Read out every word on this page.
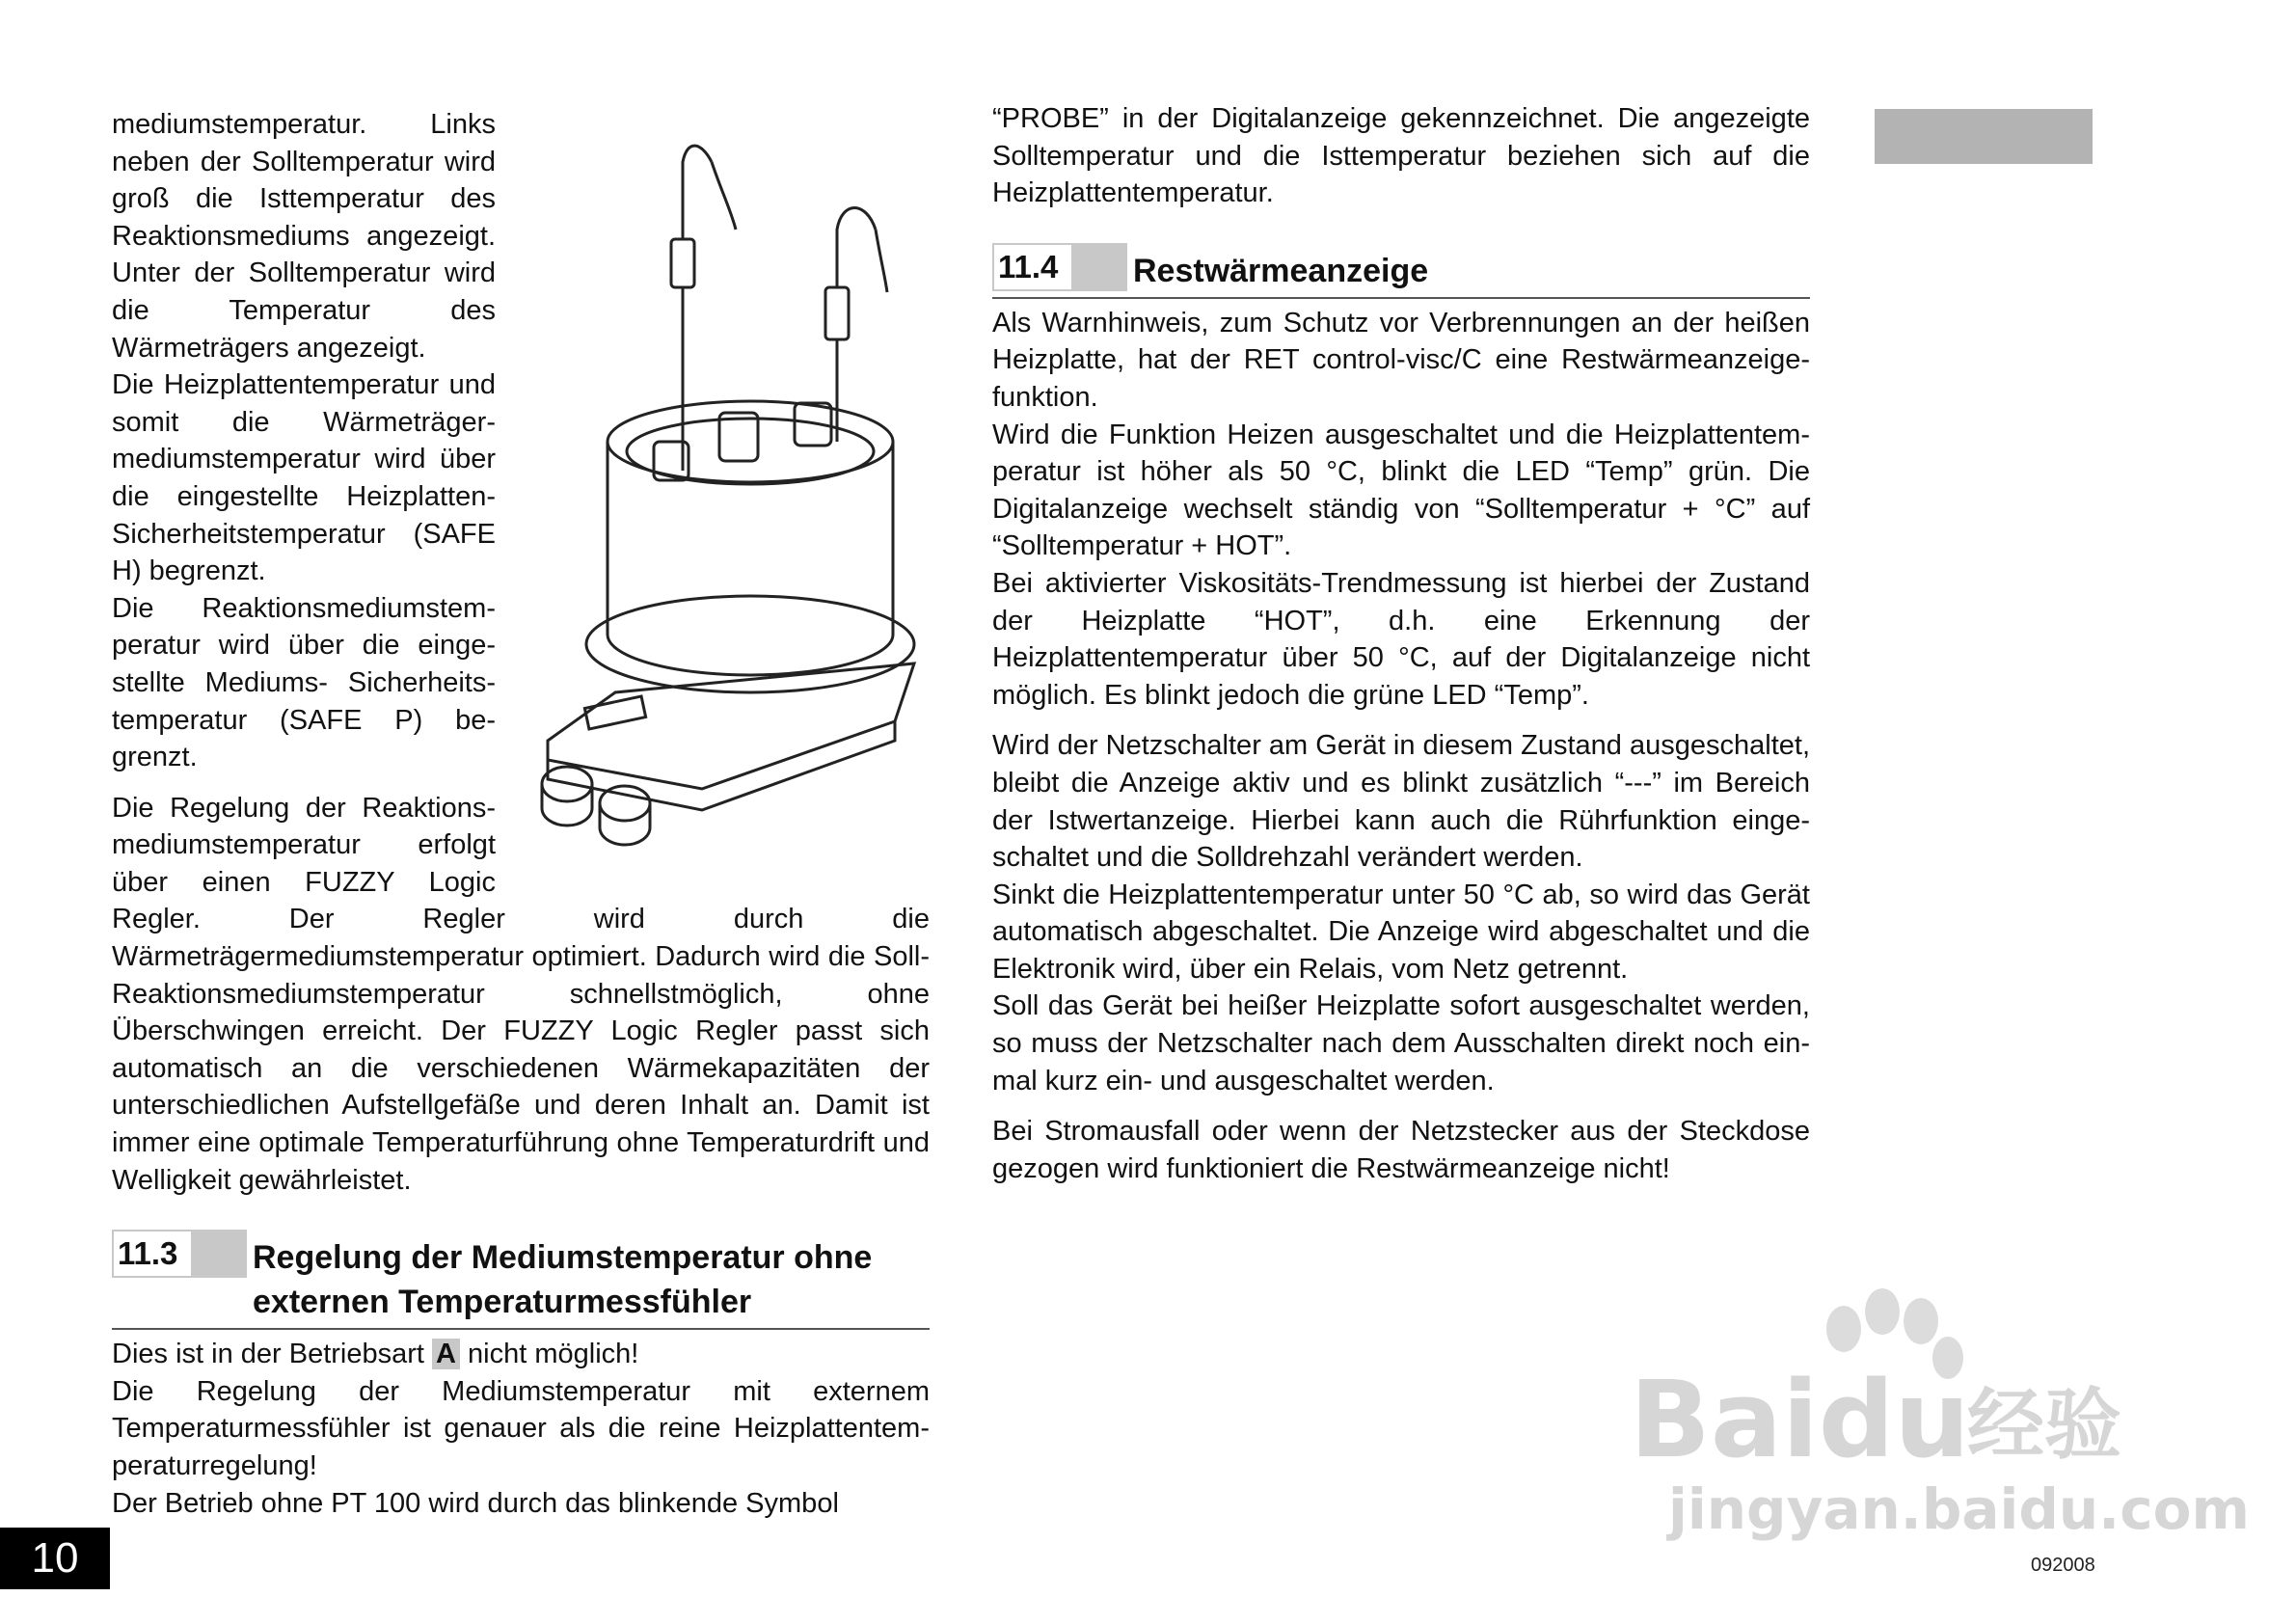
mediumstemperatur. Links neben der Solltemperatur wird groß die Isttemperatur des Reaktionsmediums angezeigt. Unter der Solltemperatur wird die Temperatur des Wärmeträgers angezeigt.

Die Heizplattentemperatur und somit die Wärmeträger-mediumstemperatur wird über die eingestellte Heizplatten-Sicherheitstemperatur (SAFE H) begrenzt.

Die Reaktionsmediumstem-peratur wird über die einge-stellte Mediums- Sicherheits-temperatur (SAFE P) be-grenzt.

Die Regelung der Reaktions-mediumstemperatur erfolgt über einen FUZZY Logic Regler. Der Regler wird durch die Wärmeträgermediumstemperatur optimiert. Dadurch wird die Soll- Reaktionsmediumstemperatur schnellstmöglich, ohne Überschwingen erreicht. Der FUZZY Logic Regler passt sich automatisch an die verschiedenen Wärmekapazitäten der unterschiedlichen Aufstellgefäße und deren Inhalt an. Damit ist immer eine optimale Temperaturführung ohne Temperaturdrift und Welligkeit gewährleistet.

11.3	Regelung der Mediumstemperatur ohne externen Temperaturmessfühler

Dies ist in der Betriebsart A nicht möglich!

Die Regelung der Mediumstemperatur mit externem Temperaturmessfühler ist genauer als die reine Heizplattentem-peraturregelung!

Der Betrieb ohne PT 100 wird durch das blinkende Symbol

“PROBE” in der Digitalanzeige gekennzeichnet. Die angezeigte Solltemperatur und die Isttemperatur beziehen sich auf die Heizplattentemperatur.

11.4	Restwärmeanzeige

Als Warnhinweis, zum Schutz vor Verbrennungen an der heißen Heizplatte, hat der RET control-visc/C eine Restwärmeanzeige-funktion.

Wird die Funktion Heizen ausgeschaltet und die Heizplattentem-peratur ist höher als 50 °C, blinkt die LED “Temp” grün. Die Digitalanzeige wechselt ständig von “Solltemperatur + °C” auf “Solltemperatur + HOT”.

Bei aktivierter Viskositäts-Trendmessung ist hierbei der Zustand der Heizplatte “HOT”, d.h. eine Erkennung der Heizplattentemperatur über 50 °C, auf der Digitalanzeige nicht möglich. Es blinkt jedoch die grüne LED “Temp”.

Wird der Netzschalter am Gerät in diesem Zustand ausgeschaltet, bleibt die Anzeige aktiv und es blinkt zusätzlich “---” im Bereich der Istwertanzeige. Hierbei kann auch die Rührfunktion einge-schaltet und die Solldrehzahl verändert werden.

Sinkt die Heizplattentemperatur unter 50 °C ab, so wird das Gerät automatisch abgeschaltet. Die Anzeige wird abgeschaltet und die Elektronik wird, über ein Relais, vom Netz getrennt.

Soll das Gerät bei heißer Heizplatte sofort ausgeschaltet werden, so muss der Netzschalter nach dem Ausschalten direkt noch ein-mal kurz ein- und ausgeschaltet werden.

Bei Stromausfall oder wenn der Netzstecker aus der Steckdose gezogen wird funktioniert die Restwärmeanzeige nicht!

Baidu
经验
jingyan.baidu.com
10	092008
